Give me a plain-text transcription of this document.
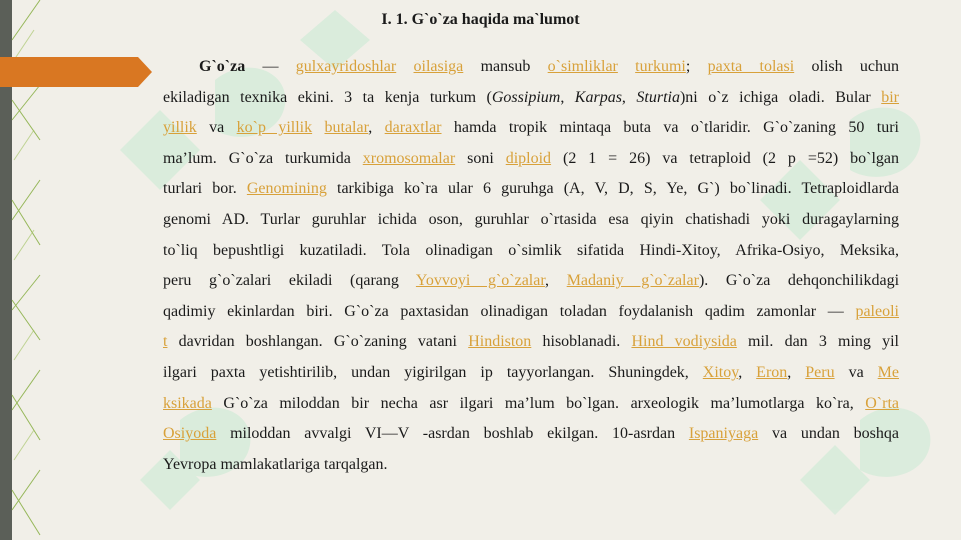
I. 1. G`o`za haqida ma`lumot
G`o`za — gulxayridoshlar oilasiga mansub o`simliklar turkumi; paxta tolasi olish uchun
ekiladigan texnika ekini. 3 ta kenja turkum (Gossipium, Karpas, Sturtia)ni o`z ichiga oladi. Bular bir
yillik va ko`p yillik butalar, daraxtlar hamda tropik mintaqa buta va o`tlaridir. G`o`zaning 50 turi
ma’lum. G`o`za turkumida xromosomalar soni diploid (2 1 = 26) va tetraploid (2 p =52) bo`lgan
turlari bor. Genomining tarkibiga ko`ra ular 6 guruhga (A, V, D, S, Ye, G`) bo`linadi. Tetraploidlarda
genomi AD. Turlar guruhlar ichida oson, guruhlar o`rtasida esa qiyin chatishadi yoki duragaylarning
to`liq bepushtligi kuzatiladi. Tola olinadigan o`simlik sifatida Hindi-Xitoy, Afrika-Osiyo, Meksika,
peru g`o`zalari ekiladi (qarang Yovvoyi g`o`zalar, Madaniy g`o`zalar). G`o`za dehqonchilikdagi
qadimiy ekinlardan biri. G`o`za paxtasidan olinadigan toladan foydalanish qadim zamonlar — paleoli
t davridan boshlangan. G`o`zaning vatani Hindiston hisoblanadi. Hind vodiysida mil. dan 3 ming yil
ilgari paxta yetishtirilib, undan yigirilgan ip tayyorlangan. Shuningdek, Xitoy, Eron, Peru va Me
ksikada G`o`za miloddan bir necha asr ilgari ma’lum bo`lgan. arxeologik ma’lumotlarga ko`ra, O`rta
Osiyoda miloddan avvalgi VI—V -asrdan boshlab ekilgan. 10-asrdan Ispaniyaga va undan boshqa
Yevropa mamlakatlariga tarqalgan.
